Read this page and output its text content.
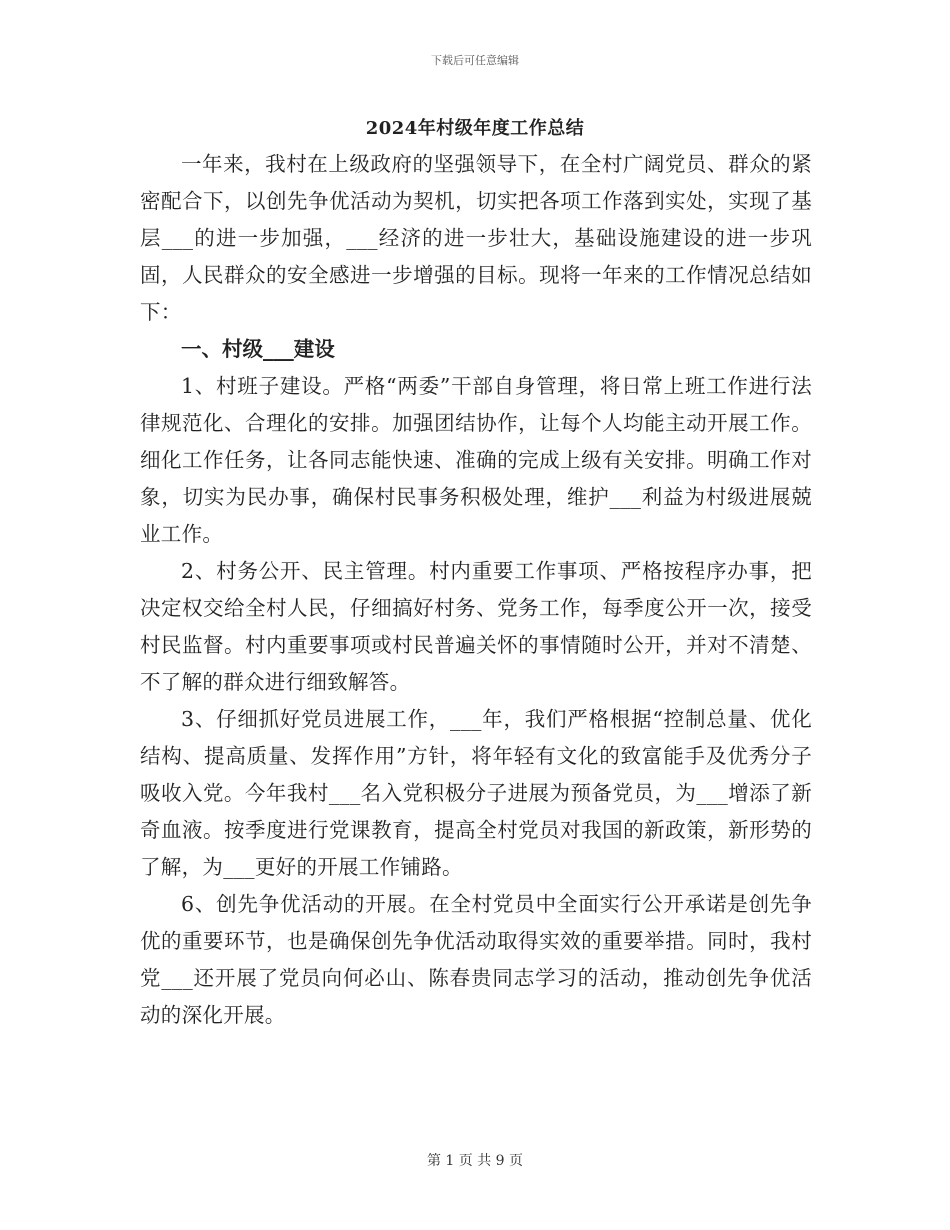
下载后可任意编辑
2024年村级年度工作总结

一年来，我村在上级政府的坚强领导下，在全村广阔党员、群众的紧密配合下，以创先争优活动为契机，切实把各项工作落到实处，实现了基层___的进一步加强，___经济的进一步壮大，基础设施建设的进一步巩固，人民群众的安全感进一步增强的目标。现将一年来的工作情况总结如下：

一、村级___建设

1、村班子建设。严格“两委”干部自身管理，将日常上班工作进行法律规范化、合理化的安排。加强团结协作，让每个人均能主动开展工作。细化工作任务，让各同志能快速、准确的完成上级有关安排。明确工作对象，切实为民办事，确保村民事务积极处理，维护___利益为村级进展兢业工作。

2、村务公开、民主管理。村内重要工作事项、严格按程序办事，把决定权交给全村人民，仔细搞好村务、党务工作，每季度公开一次，接受村民监督。村内重要事项或村民普遍关怀的事情随时公开，并对不清楚、不了解的群众进行细致解答。

3、仔细抓好党员进展工作，___年，我们严格根据“控制总量、优化结构、提高质量、发挥作用”方针，将年轻有文化的致富能手及优秀分子吸收入党。今年我村___名入党积极分子进展为预备党员，为___增添了新奇血液。按季度进行党课教育，提高全村党员对我国的新政策，新形势的了解，为___更好的开展工作铺路。

6、创先争优活动的开展。在全村党员中全面实行公开承诺是创先争优的重要环节，也是确保创先争优活动取得实效的重要举措。同时，我村党___还开展了党员向何必山、陈春贵同志学习的活动，推动创先争优活动的深化开展。

第 1 页 共 9 页
